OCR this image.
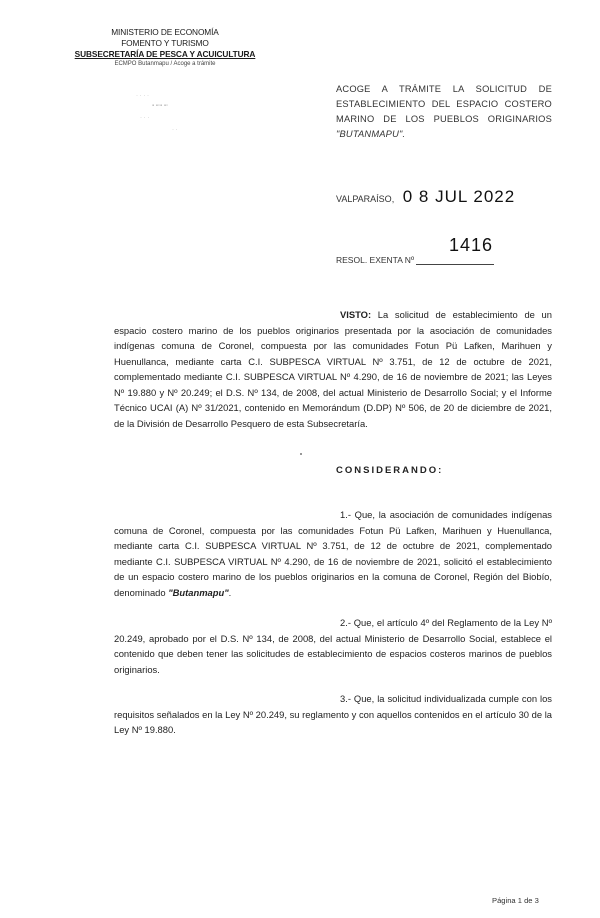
MINISTERIO DE ECONOMÍA
FOMENTO Y TURISMO
SUBSECRETARÍA DE PESCA Y ACUICULTURA
ECMPO Butanmapu / Acoge a trámite
· · · ·
▪ ▪▫▪ ▪▫
· · ·
· ·
ACOGE A TRÁMITE LA SOLICITUD DE ESTABLECIMIENTO DEL ESPACIO COSTERO MARINO DE LOS PUEBLOS ORIGINARIOS "BUTANMAPU".
VALPARAÍSO, 0 8 JUL 2022
1416
RESOL. EXENTA Nº
VISTO: La solicitud de establecimiento de un espacio costero marino de los pueblos originarios presentada por la asociación de comunidades indígenas comuna de Coronel, compuesta por las comunidades Fotun Pü Lafken, Marihuen y Huenullanca, mediante carta C.I. SUBPESCA VIRTUAL Nº 3.751, de 12 de octubre de 2021, complementado mediante C.I. SUBPESCA VIRTUAL Nº 4.290, de 16 de noviembre de 2021; las Leyes Nº 19.880 y Nº 20.249; el D.S. Nº 134, de 2008, del actual Ministerio de Desarrollo Social; y el Informe Técnico UCAI (A) Nº 31/2021, contenido en Memorándum (D.DP) Nº 506, de 20 de diciembre de 2021, de la División de Desarrollo Pesquero de esta Subsecretaría.
CONSIDERANDO:
1.- Que, la asociación de comunidades indígenas comuna de Coronel, compuesta por las comunidades Fotun Pü Lafken, Marihuen y Huenullanca, mediante carta C.I. SUBPESCA VIRTUAL Nº 3.751, de 12 de octubre de 2021, complementado mediante C.I. SUBPESCA VIRTUAL Nº 4.290, de 16 de noviembre de 2021, solicitó el establecimiento de un espacio costero marino de los pueblos originarios en la comuna de Coronel, Región del Biobío, denominado "Butanmapu".
2.- Que, el artículo 4º del Reglamento de la Ley Nº 20.249, aprobado por el D.S. Nº 134, de 2008, del actual Ministerio de Desarrollo Social, establece el contenido que deben tener las solicitudes de establecimiento de espacios costeros marinos de pueblos originarios.
3.- Que, la solicitud individualizada cumple con los requisitos señalados en la Ley Nº 20.249, su reglamento y con aquellos contenidos en el artículo 30 de la Ley Nº 19.880.
Página 1 de 3
